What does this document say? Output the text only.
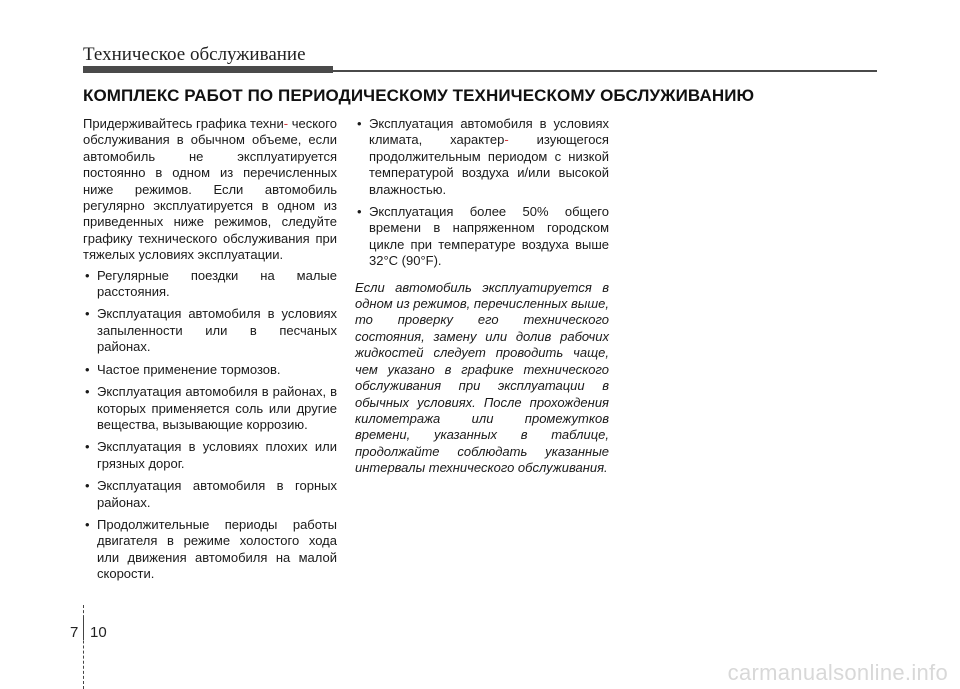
Техническое обслуживание
КОМПЛЕКС РАБОТ ПО ПЕРИОДИЧЕСКОМУ ТЕХНИЧЕСКОМУ ОБСЛУЖИВАНИЮ

Придерживайтесь графика техни- ческого обслуживания в обычном объеме, если автомобиль не эксплуатируется постоянно в одном из перечисленных ниже режимов. Если автомобиль регулярно эксплуатируется в одном из приведенных ниже режимов, следуйте графику технического обслуживания при тяжелых условиях эксплуатации.

• Регулярные поездки на малые расстояния.
• Эксплуатация автомобиля в условиях запыленности или в песчаных районах.
• Частое применение тормозов.
• Эксплуатация автомобиля в районах, в которых применяется соль или другие вещества, вызывающие коррозию.
• Эксплуатация в условиях плохих или грязных дорог.
• Эксплуатация автомобиля в горных районах.
• Продолжительные периоды работы двигателя в режиме холостого хода или движения автомобиля на малой скорости.
• Эксплуатация автомобиля в условиях климата, характер- изующегося продолжительным периодом с низкой температурой воздуха и/или высокой влажностью.
• Эксплуатация более 50% общего времени в напряженном городском цикле при температуре воздуха выше 32°C (90°F).

Если автомобиль эксплуатируется в одном из режимов, перечисленных выше, то проверку его технического состояния, замену или долив рабочих жидкостей следует проводить чаще, чем указано в графике технического обслуживания при эксплуатации в обычных условиях. После прохождения километража или промежутков времени, указанных в таблице, продолжайте соблюдать указанные интервалы технического обслуживания.

7 10
carmanualsonline.info
